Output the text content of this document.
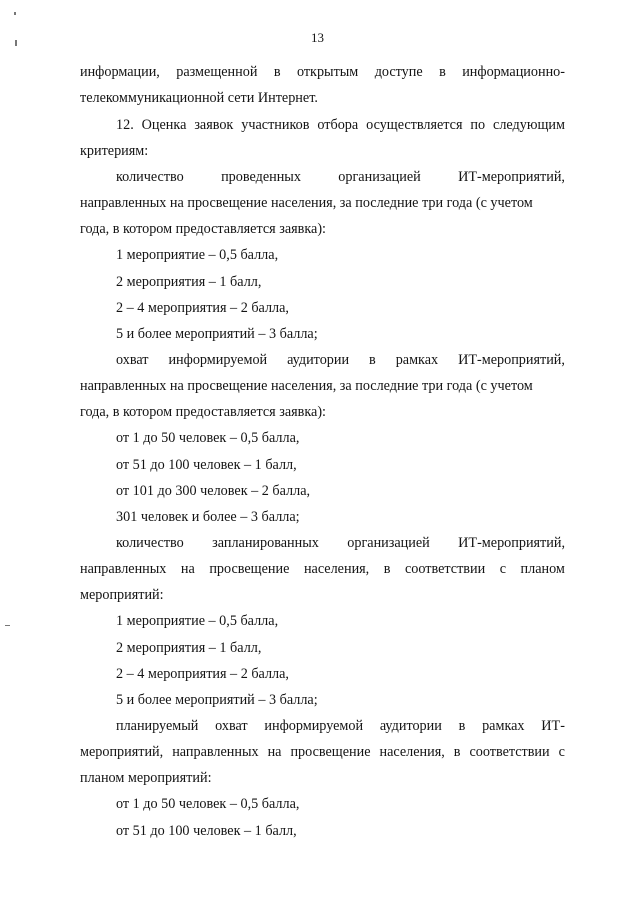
13
информации, размещенной в открытым доступе в информационно-
телекоммуникационной сети Интернет.
12. Оценка заявок участников отбора осуществляется по следующим
критериям:
количество	проведенных	организацией	ИТ-мероприятий,
направленных на просвещение населения, за последние три года (с учетом
года, в котором предоставляется заявка):
1 мероприятие – 0,5 балла,
2 мероприятия – 1 балл,
2 – 4 мероприятия – 2 балла,
5 и более мероприятий – 3 балла;
охват информируемой аудитории в рамках ИТ-мероприятий,
направленных на просвещение населения, за последние три года (с учетом
года, в котором предоставляется заявка):
от 1 до 50 человек – 0,5 балла,
от 51 до 100 человек – 1 балл,
от 101 до 300 человек – 2 балла,
301 человек и более – 3 балла;
количество запланированных организацией ИТ-мероприятий,
направленных на просвещение населения, в соответствии с планом
мероприятий:
1 мероприятие – 0,5 балла,
2 мероприятия – 1 балл,
2 – 4 мероприятия – 2 балла,
5 и более мероприятий – 3 балла;
планируемый охват информируемой аудитории в рамках ИТ-
мероприятий, направленных на просвещение населения, в соответствии с
планом мероприятий:
от 1 до 50 человек – 0,5 балла,
от 51 до 100 человек – 1 балл,
